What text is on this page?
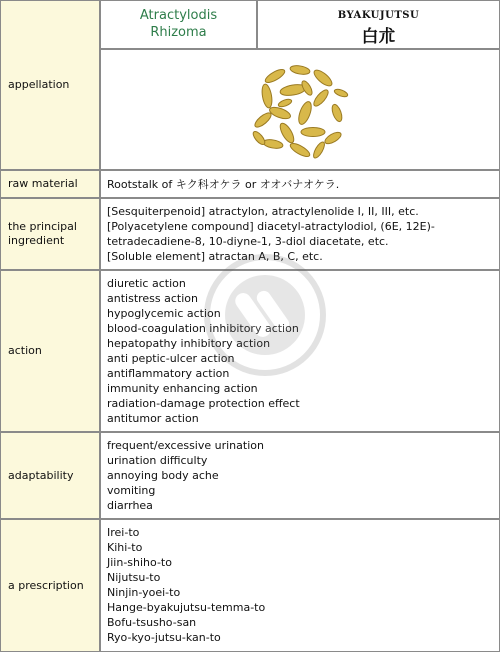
appellation
Atractylodis
Rhizoma
BYAKUJUTSU
白朮
raw material	Rootstalk of キク科オケラ or オオバナオケラ.
the principal
ingredient
[Sesquiterpenoid] atractylon, atractylenolide I, II, III, etc.
[Polyacetylene compound] diacetyl-atractylodiol, (6E, 12E)-
tetradecadiene-8, 10-diyne-1, 3-diol diacetate, etc.
[Soluble element] atractan A, B, C, etc.
action
diuretic action
antistress action
hypoglycemic action
blood-coagulation inhibitory action
hepatopathy inhibitory action
anti peptic-ulcer action
antiflammatory action
immunity enhancing action
radiation-damage protection effect
antitumor action
adaptability
frequent/excessive urination
urination difficulty
annoying body ache
vomiting
diarrhea
a prescription
Irei-to
Kihi-to
Jiin-shiho-to
Nijutsu-to
Ninjin-yoei-to
Hange-byakujutsu-temma-to
Bofu-tsusho-san
Ryo-kyo-jutsu-kan-to
